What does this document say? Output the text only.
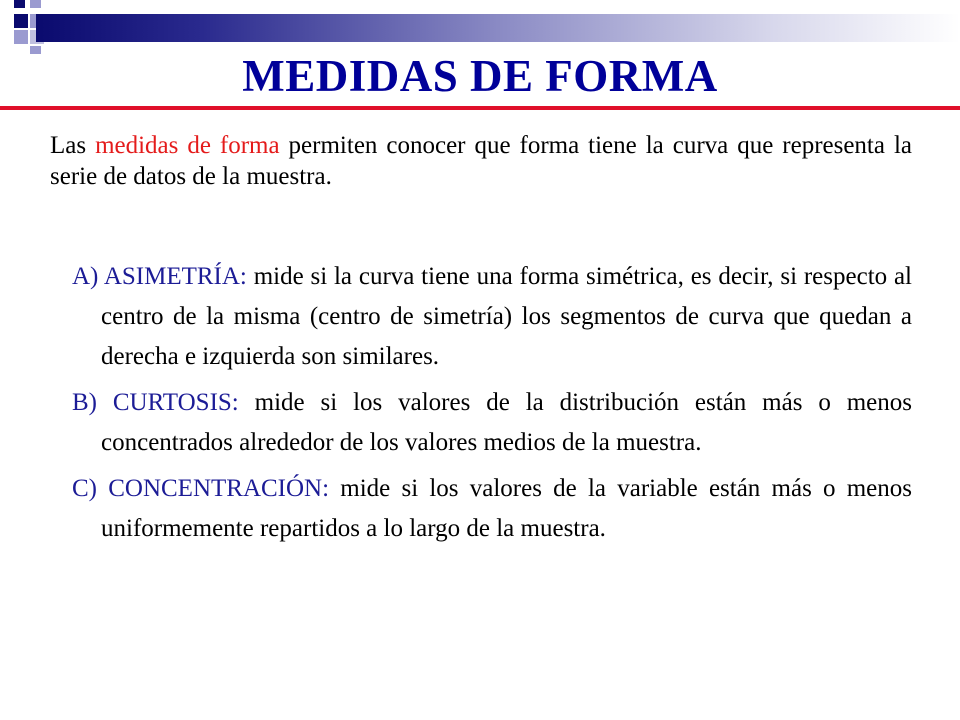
MEDIDAS DE FORMA

Las medidas de forma permiten conocer que forma tiene la curva que representa la serie de datos de la muestra.

A) ASIMETRÍA: mide si la curva tiene una forma simétrica, es decir, si respecto al centro de la misma (centro de simetría) los segmentos de curva que quedan a derecha e izquierda son similares.

B) CURTOSIS: mide si los valores de la distribución están más o menos concentrados alrededor de los valores medios de la muestra.

C) CONCENTRACIÓN: mide si los valores de la variable están más o menos uniformemente repartidos a lo largo de la muestra.
